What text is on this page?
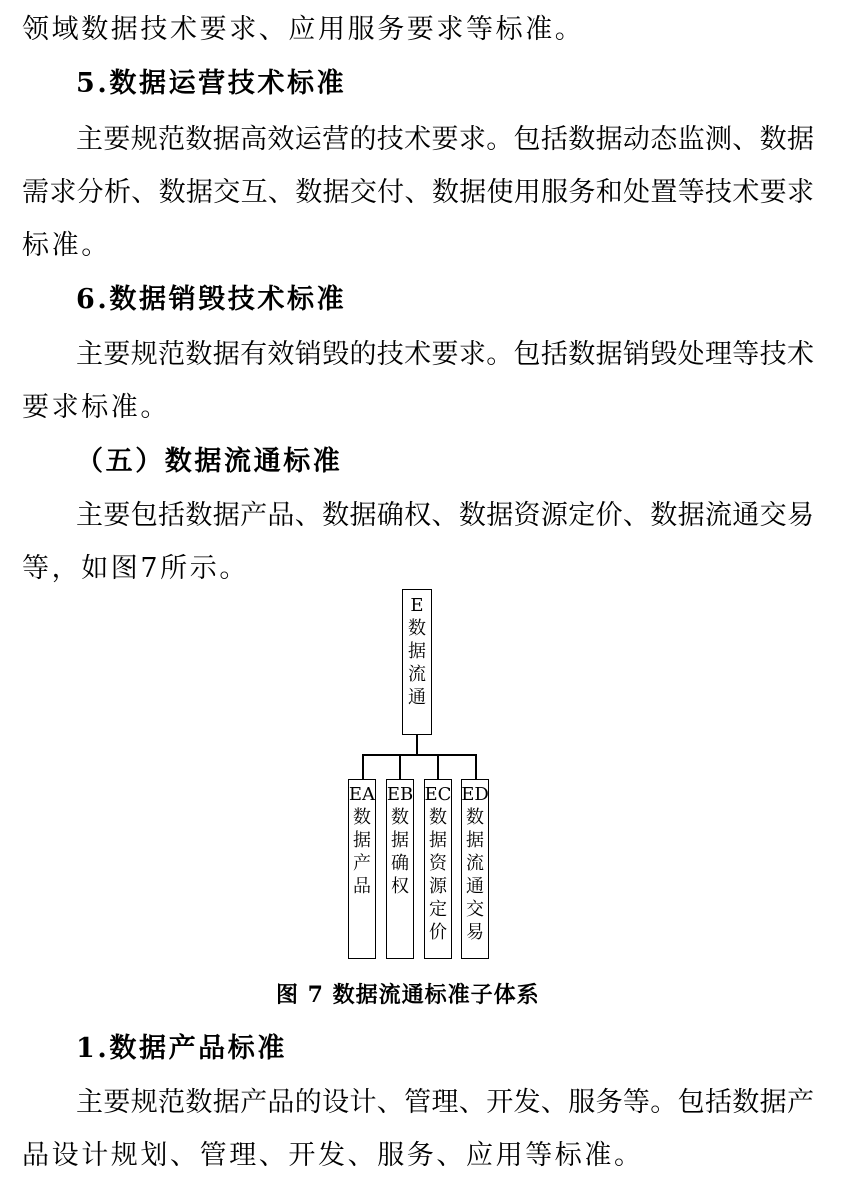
领域数据技术要求、应用服务要求等标准。
5.数据运营技术标准
主要规范数据高效运营的技术要求。包括数据动态监测、数据
需求分析、数据交互、数据交付、数据使用服务和处置等技术要求
标准。
6.数据销毁技术标准
主要规范数据有效销毁的技术要求。包括数据销毁处理等技术
要求标准。
（五）数据流通标准
主要包括数据产品、数据确权、数据资源定价、数据流通交易
等，如图7所示。
E数据流通
EA数据产品
EB数据确权
EC数据资源定价
ED数据流通交易
图 7 数据流通标准子体系
1.数据产品标准
主要规范数据产品的设计、管理、开发、服务等。包括数据产
品设计规划、管理、开发、服务、应用等标准。
